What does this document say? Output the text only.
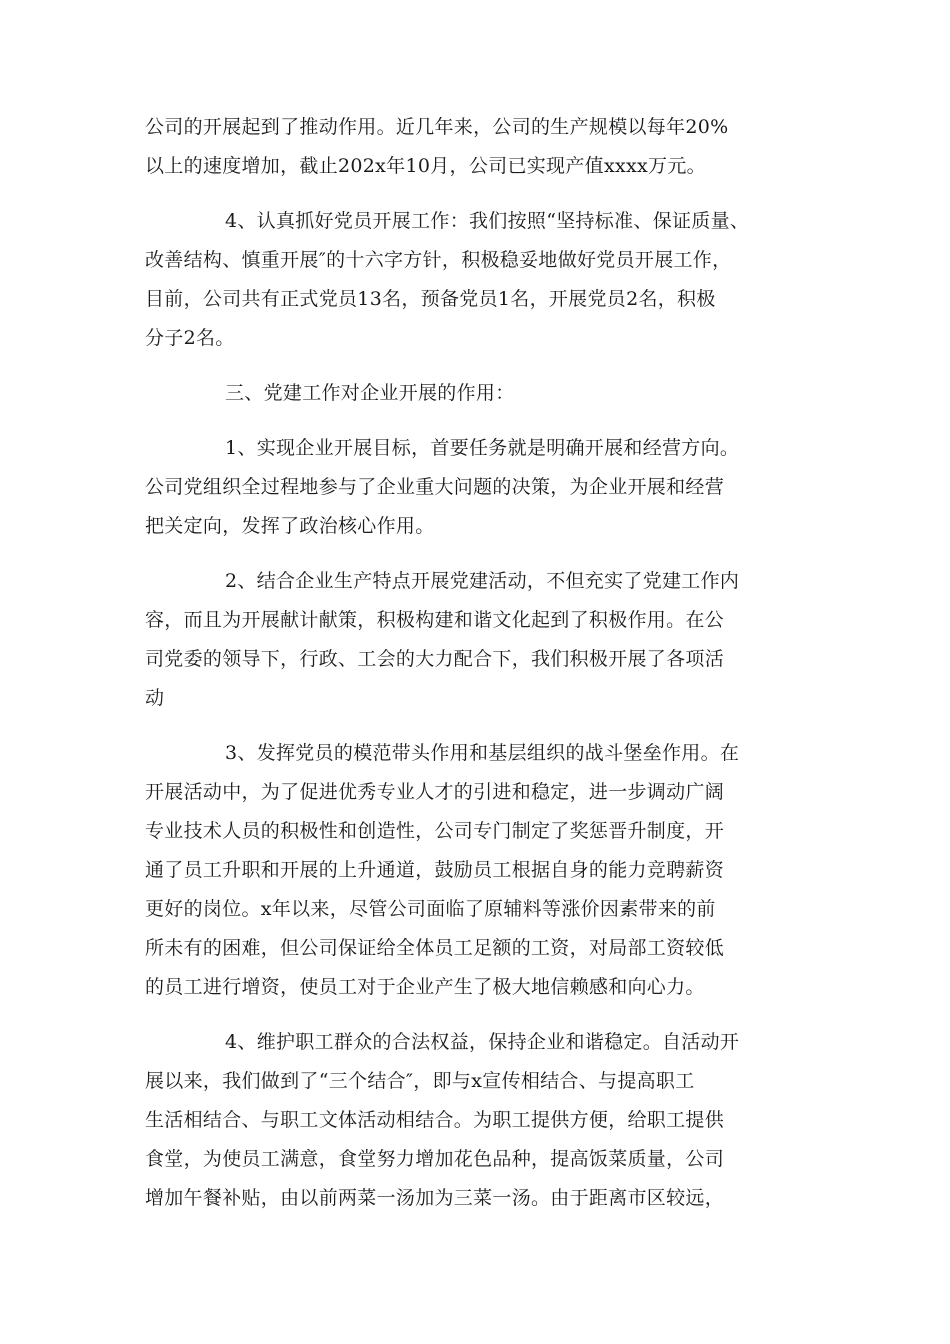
公司的开展起到了推动作用。近几年来，公司的生产规模以每年20%
以上的速度增加，截止202x年10月，公司已实现产值xxxx万元。

4、认真抓好党员开展工作：我们按照“坚持标准、保证质量、
改善结构、慎重开展″的十六字方针，积极稳妥地做好党员开展工作，
目前，公司共有正式党员13名，预备党员1名，开展党员2名，积极
分子2名。

三、党建工作对企业开展的作用：

1、实现企业开展目标，首要任务就是明确开展和经营方向。
公司党组织全过程地参与了企业重大问题的决策，为企业开展和经营
把关定向，发挥了政治核心作用。

2、结合企业生产特点开展党建活动，不但充实了党建工作内
容，而且为开展献计献策，积极构建和谐文化起到了积极作用。在公
司党委的领导下，行政、工会的大力配合下，我们积极开展了各项活
动

3、发挥党员的模范带头作用和基层组织的战斗堡垒作用。在
开展活动中，为了促进优秀专业人才的引进和稳定，进一步调动广阔
专业技术人员的积极性和创造性，公司专门制定了奖惩晋升制度，开
通了员工升职和开展的上升通道，鼓励员工根据自身的能力竞聘薪资
更好的岗位。x年以来，尽管公司面临了原辅料等涨价因素带来的前
所未有的困难，但公司保证给全体员工足额的工资，对局部工资较低
的员工进行增资，使员工对于企业产生了极大地信赖感和向心力。

4、维护职工群众的合法权益，保持企业和谐稳定。自活动开
展以来，我们做到了“三个结合″，即与x宣传相结合、与提高职工
生活相结合、与职工文体活动相结合。为职工提供方便，给职工提供
食堂，为使员工满意，食堂努力增加花色品种，提高饭菜质量，公司
增加午餐补贴，由以前两菜一汤加为三菜一汤。由于距离市区较远，
